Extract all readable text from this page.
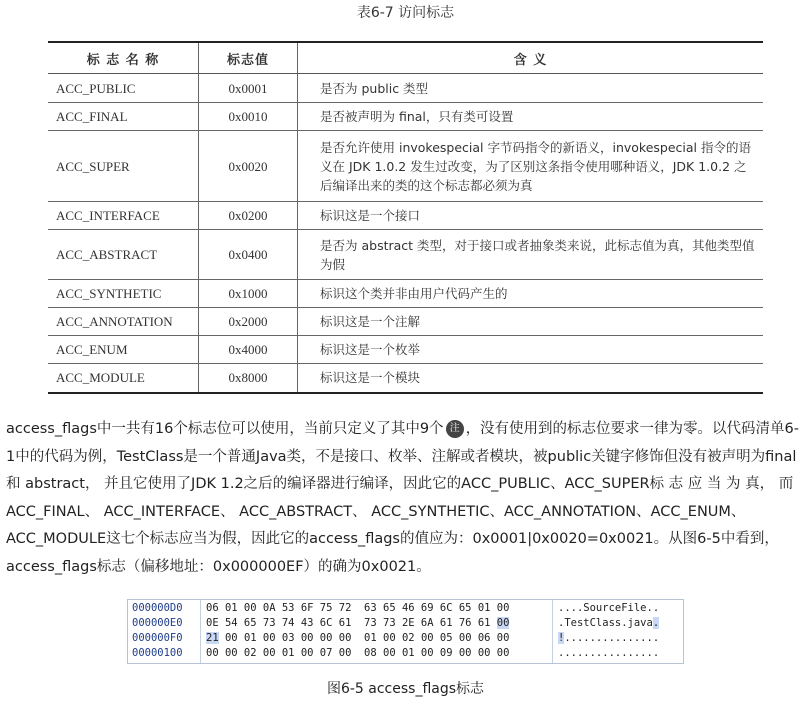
表6-7 访问标志
标 志 名 称	标志值	含 义
ACC_PUBLIC	0x0001	是否为 public 类型
ACC_FINAL	0x0010	是否被声明为 final，只有类可设置
ACC_SUPER	0x0020	是否允许使用 invokespecial 字节码指令的新语义，invokespecial 指令的语义在 JDK 1.0.2 发生过改变，为了区别这条指令使用哪种语义，JDK 1.0.2 之后编译出来的类的这个标志都必须为真
ACC_INTERFACE	0x0200	标识这是一个接口
ACC_ABSTRACT	0x0400	是否为 abstract 类型，对于接口或者抽象类来说，此标志值为真，其他类型值为假
ACC_SYNTHETIC	0x1000	标识这个类并非由用户代码产生的
ACC_ANNOTATION	0x2000	标识这是一个注解
ACC_ENUM	0x4000	标识这是一个枚举
ACC_MODULE	0x8000	标识这是一个模块
access_flags中一共有16个标志位可以使用，当前只定义了其中9个 注 ，没有使用到的标志位要求一律为零。以代码清单6-1中的代码为例，TestClass是一个普通Java类，不是接口、枚举、注解或者模块，被public关键字修饰但没有被声明为final和 abstract， 并且它使用了JDK 1.2之后的编译器进行编译，因此它的ACC_PUBLIC、ACC_SUPER标 志 应 当 为 真， 而 ACC_FINAL、 ACC_INTERFACE、 ACC_ABSTRACT、 ACC_SYNTHETIC、ACC_ANNOTATION、ACC_ENUM、ACC_MODULE这七个标志应当为假，因此它的access_flags的值应为：0x0001|0x0020=0x0021。从图6-5中看到，access_flags标志（偏移地址：0x000000EF）的确为0x0021。
000000D0	06 01 00 0A 53 6F 75 72  63 65 46 69 6C 65 01 00	....SourceFile..
000000E0	0E 54 65 73 74 43 6C 61  73 73 2E 6A 61 76 61 00	.TestClass.java.
000000F0	21 00 01 00 03 00 00 00  01 00 02 00 05 00 06 00	!...............
00000100	00 00 02 00 01 00 07 00  08 00 01 00 09 00 00 00	................
图6-5 access_flags标志
